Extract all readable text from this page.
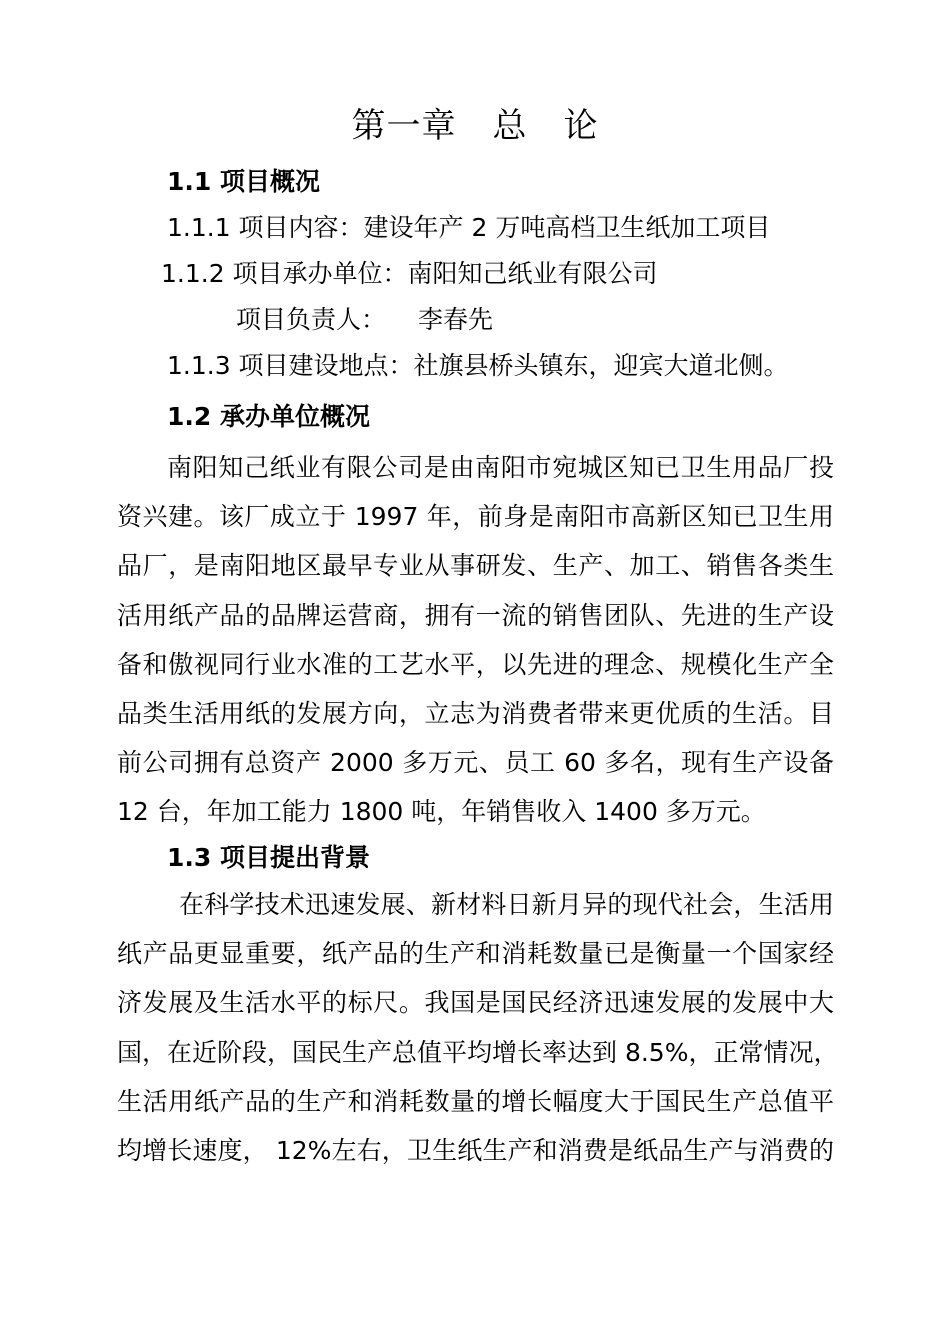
第一章 总 论
1.1 项目概况
1.1.1 项目内容：建设年产 2 万吨高档卫生纸加工项目
1.1.2 项目承办单位：南阳知己纸业有限公司
项目负责人： 李春先
1.1.3 项目建设地点：社旗县桥头镇东，迎宾大道北侧。
1.2 承办单位概况
南阳知己纸业有限公司是由南阳市宛城区知已卫生用品厂投
资兴建。该厂成立于 1997 年，前身是南阳市高新区知已卫生用
品厂，是南阳地区最早专业从事研发、生产、加工、销售各类生
活用纸产品的品牌运营商，拥有一流的销售团队、先进的生产设
备和傲视同行业水准的工艺水平，以先进的理念、规模化生产全
品类生活用纸的发展方向，立志为消费者带来更优质的生活。目
前公司拥有总资产 2000 多万元、员工 60 多名，现有生产设备
12 台，年加工能力 1800 吨，年销售收入 1400 多万元。
1.3 项目提出背景
在科学技术迅速发展、新材料日新月异的现代社会，生活用
纸产品更显重要，纸产品的生产和消耗数量已是衡量一个国家经
济发展及生活水平的标尺。我国是国民经济迅速发展的发展中大
国，在近阶段，国民生产总值平均增长率达到 8.5%，正常情况，
生活用纸产品的生产和消耗数量的增长幅度大于国民生产总值平
均增长速度， 12%左右，卫生纸生产和消费是纸品生产与消费的
